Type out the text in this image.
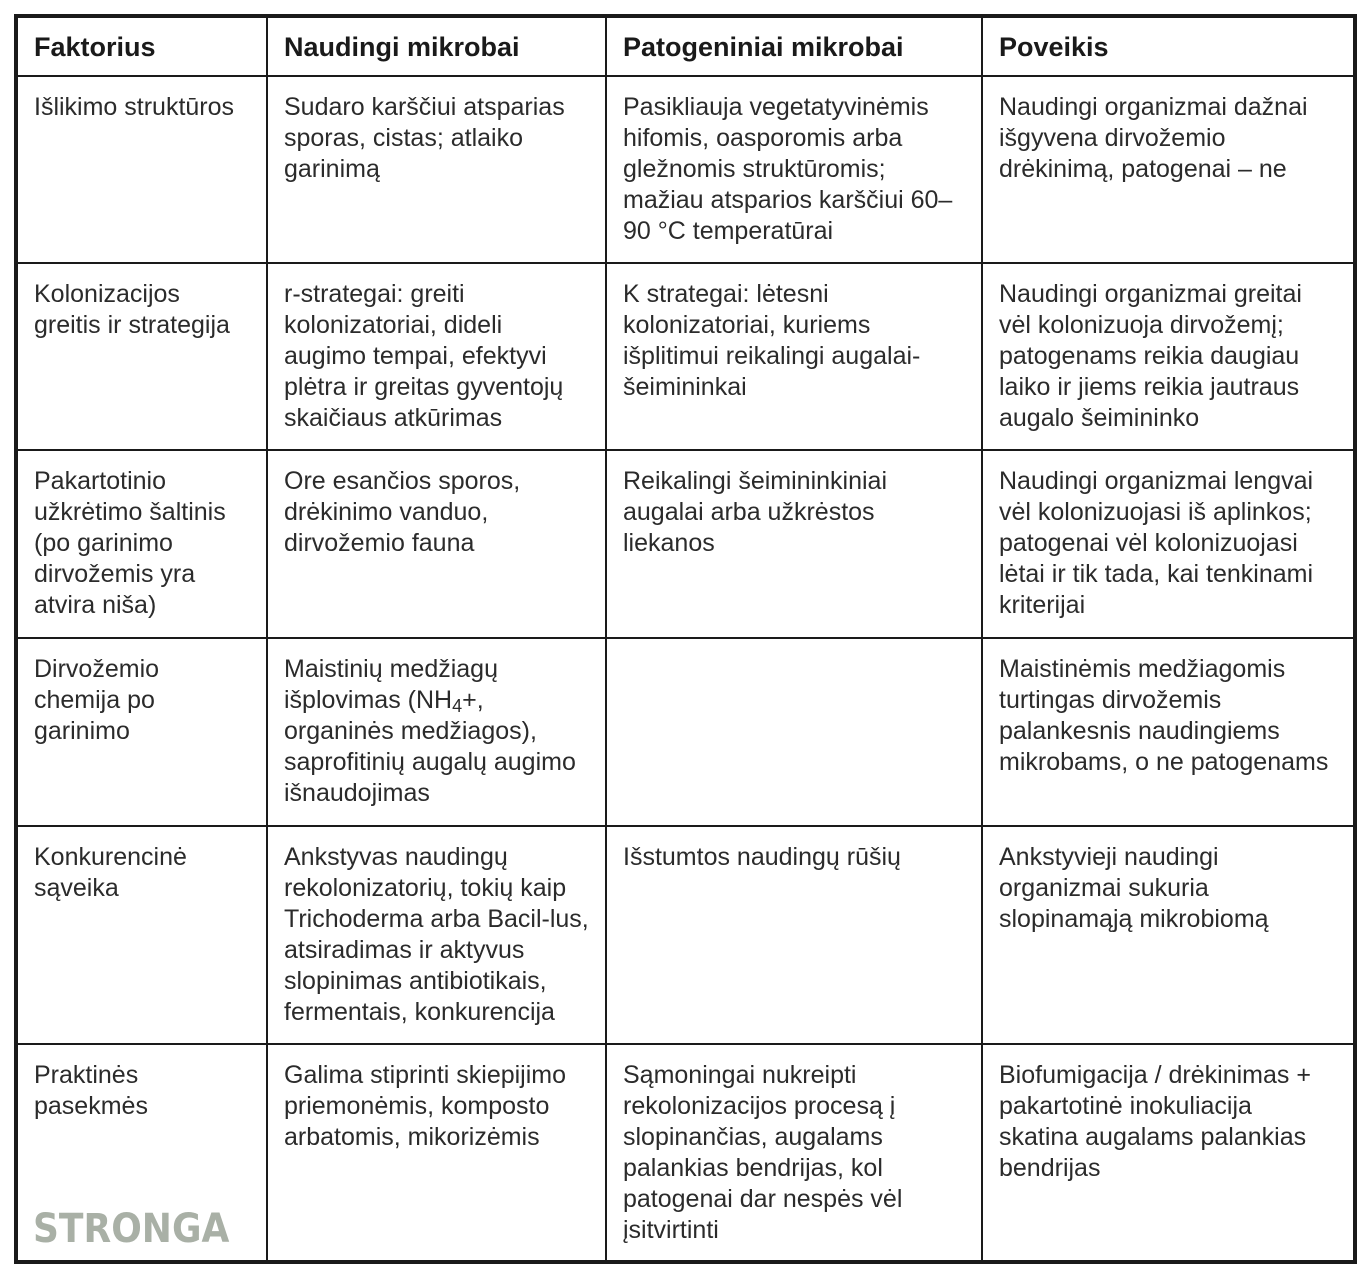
Faktorius	Naudingi mikrobai	Patogeniniai mikrobai	Poveikis
Išlikimo struktūros	Sudaro karščiui atsparias sporas, cistas; atlaiko garinimą	Pasikliauja vegetatyvinėmis hifomis, oasporomis arba gležnomis struktūromis; mažiau atsparios karščiui 60–90 °C temperatūrai	Naudingi organizmai dažnai išgyvena dirvožemio drėkinimą, patogenai – ne
Kolonizacijos greitis ir strategija	r-strategai: greiti kolonizatoriai, dideli augimo tempai, efektyvi plėtra ir greitas gyventojų skaičiaus atkūrimas	K strategai: lėtesni kolonizatoriai, kuriems išplitimui reikalingi augalai-šeimininkai	Naudingi organizmai greitai vėl kolonizuoja dirvožemį; patogenams reikia daugiau laiko ir jiems reikia jautraus augalo šeimininko
Pakartotinio užkrėtimo šaltinis (po garinimo dirvožemis yra atvira niša)	Ore esančios sporos, drėkinimo vanduo, dirvožemio fauna	Reikalingi šeimininkiniai augalai arba užkrėstos liekanos	Naudingi organizmai lengvai vėl kolonizuojasi iš aplinkos; patogenai vėl kolonizuojasi lėtai ir tik tada, kai tenkinami kriterijai
Dirvožemio chemija po garinimo	Maistinių medžiagų išplovimas ($NH_4+$, organinės medžiagos), saprofitinių augalų augimo išnaudojimas		Maistinėmis medžiagomis turtingas dirvožemis palankesnis naudingiems mikrobams, o ne patogenams
Konkurencinė sąveika	Ankstyvas naudingų rekolonizatorių, tokių kaip Trichoderma arba Bacil-lus, atsiradimas ir aktyvus slopinimas antibiotikais, fermentais, konkurencija	Išstumtos naudingų rūšių	Ankstyvieji naudingi organizmai sukuria slopinamąją mikrobiomą
Praktinės pasekmės	Galima stiprinti skiepijimo priemonėmis, komposto arbatomis, mikorizėmis	Sąmoningai nukreipti rekolonizacijos procesą į slopinančias, augalams palankias bendrijas, kol patogenai dar nespės vėl įsitvirtinti	Biofumigacija / drėkinimas + pakartotinė inokuliacija skatina augalams palankias bendrijas
STRONGA
